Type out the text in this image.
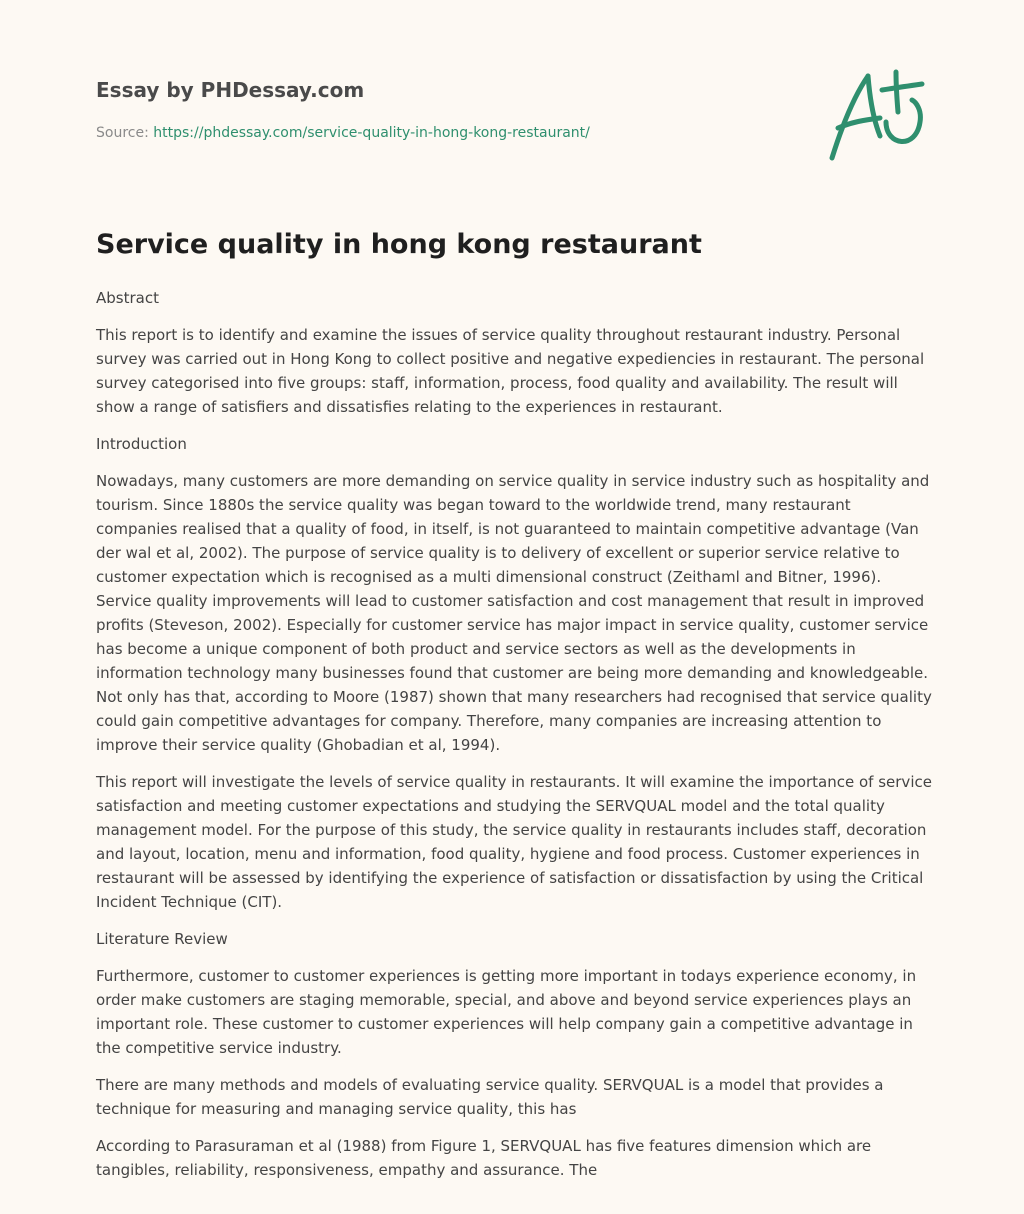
Essay by PHDessay.com
Source: https://phdessay.com/service-quality-in-hong-kong-restaurant/
Service quality in hong kong restaurant
Abstract

This report is to identify and examine the issues of service quality throughout restaurant industry. Personal survey was carried out in Hong Kong to collect positive and negative expediencies in restaurant. The personal survey categorised into five groups: staff, information, process, food quality and availability. The result will show a range of satisfiers and dissatisfies relating to the experiences in restaurant.

Introduction

Nowadays, many customers are more demanding on service quality in service industry such as hospitality and tourism. Since 1880s the service quality was began toward to the worldwide trend, many restaurant companies realised that a quality of food, in itself, is not guaranteed to maintain competitive advantage (Van der wal et al, 2002). The purpose of service quality is to delivery of excellent or superior service relative to customer expectation which is recognised as a multi dimensional construct (Zeithaml and Bitner, 1996). Service quality improvements will lead to customer satisfaction and cost management that result in improved profits (Steveson, 2002). Especially for customer service has major impact in service quality, customer service has become a unique component of both product and service sectors as well as the developments in information technology many businesses found that customer are being more demanding and knowledgeable. Not only has that, according to Moore (1987) shown that many researchers had recognised that service quality could gain competitive advantages for company. Therefore, many companies are increasing attention to improve their service quality (Ghobadian et al, 1994).

This report will investigate the levels of service quality in restaurants. It will examine the importance of service satisfaction and meeting customer expectations and studying the SERVQUAL model and the total quality management model. For the purpose of this study, the service quality in restaurants includes staff, decoration and layout, location, menu and information, food quality, hygiene and food process. Customer experiences in restaurant will be assessed by identifying the experience of satisfaction or dissatisfaction by using the Critical Incident Technique (CIT).

Literature Review

Furthermore, customer to customer experiences is getting more important in todays experience economy, in order make customers are staging memorable, special, and above and beyond service experiences plays an important role. These customer to customer experiences will help company gain a competitive advantage in the competitive service industry.

There are many methods and models of evaluating service quality. SERVQUAL is a model that provides a technique for measuring and managing service quality, this has

According to Parasuraman et al (1988) from Figure 1, SERVQUAL has five features dimension which are tangibles, reliability, responsiveness, empathy and assurance. The
